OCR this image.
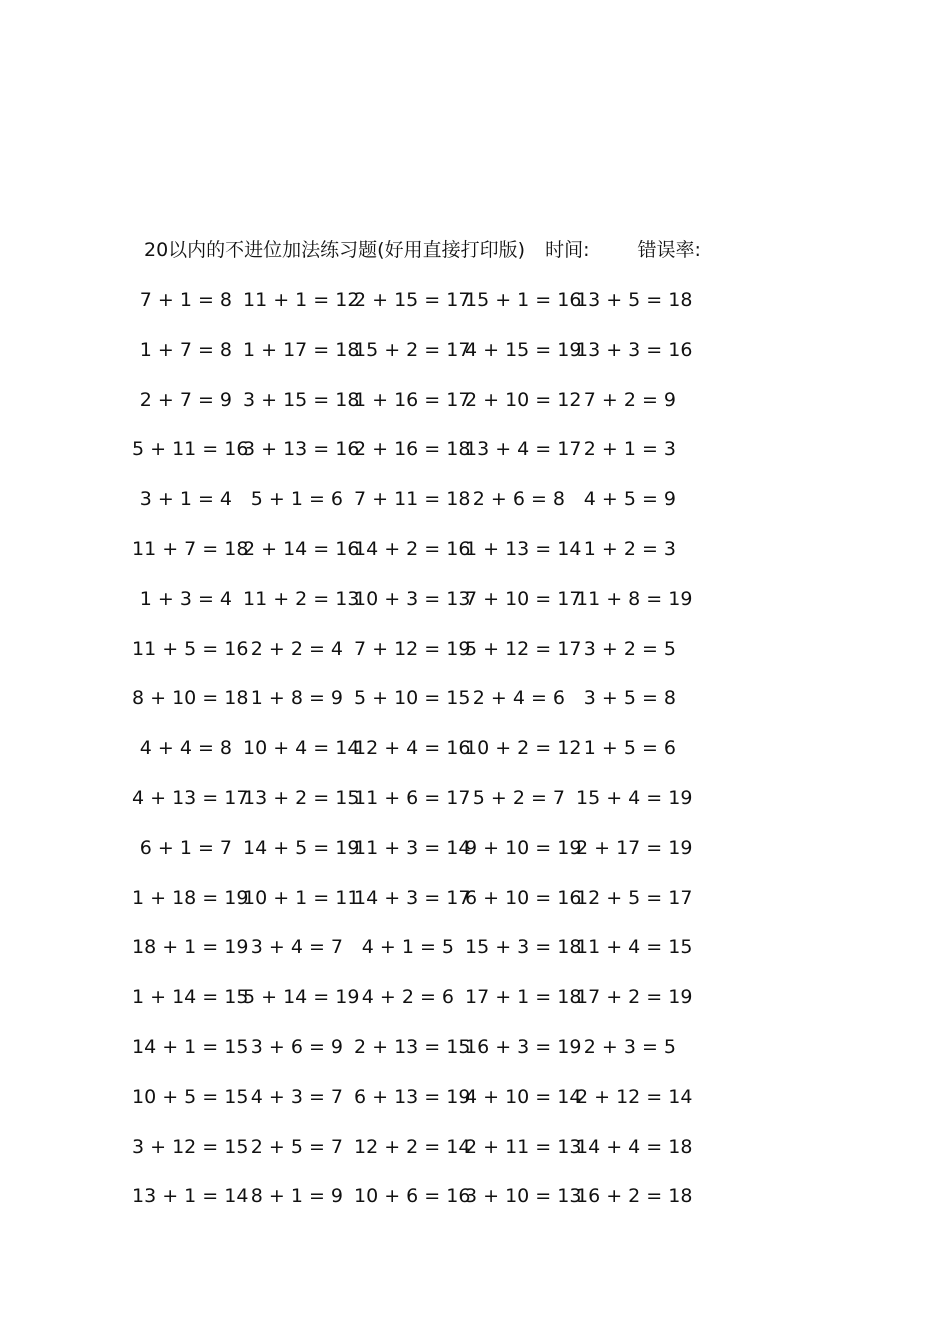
20以内的不进位加法练习题(好用直接打印版) 时间:	错误率:
7 + 1 = 8 11 + 1 = 12
2 + 15 = 17
15 + 1 = 16
13 + 5 = 18
1 + 7 = 8 1 + 17 = 18
15 + 2 = 17
4 + 15 = 19
13 + 3 = 16
2 + 7 = 9 3 + 15 = 18
1 + 16 = 17
2 + 10 = 12 7 + 2 = 9
5 + 11 = 16
3 + 13 = 16
2 + 16 = 18
13 + 4 = 17 2 + 1 = 3
3 + 1 = 4 5 + 1 = 6 7 + 11 = 18 2 + 6 = 8 4 + 5 = 9
11 + 7 = 18
2 + 14 = 16
14 + 2 = 16
1 + 13 = 14 1 + 2 = 3
1 + 3 = 4 11 + 2 = 13
10 + 3 = 13
7 + 10 = 17
11 + 8 = 19
11 + 5 = 16 2 + 2 = 4 7 + 12 = 19
5 + 12 = 17 3 + 2 = 5
8 + 10 = 18 1 + 8 = 9 5 + 10 = 15 2 + 4 = 6 3 + 5 = 8
4 + 4 = 8 10 + 4 = 14
12 + 4 = 16
10 + 2 = 12 1 + 5 = 6
4 + 13 = 17
13 + 2 = 15
11 + 6 = 17 5 + 2 = 7 15 + 4 = 19
6 + 1 = 7 14 + 5 = 19
11 + 3 = 14
9 + 10 = 19
2 + 17 = 19
1 + 18 = 19
10 + 1 = 11
14 + 3 = 17
6 + 10 = 16
12 + 5 = 17
18 + 1 = 19 3 + 4 = 7 4 + 1 = 5 15 + 3 = 18
11 + 4 = 15
1 + 14 = 15
5 + 14 = 19 4 + 2 = 6 17 + 1 = 18
17 + 2 = 19
14 + 1 = 15 3 + 6 = 9 2 + 13 = 15
16 + 3 = 19 2 + 3 = 5
10 + 5 = 15 4 + 3 = 7 6 + 13 = 19
4 + 10 = 14
2 + 12 = 14
3 + 12 = 15 2 + 5 = 7 12 + 2 = 14
2 + 11 = 13
14 + 4 = 18
13 + 1 = 14 8 + 1 = 9 10 + 6 = 16
3 + 10 = 13
16 + 2 = 18
